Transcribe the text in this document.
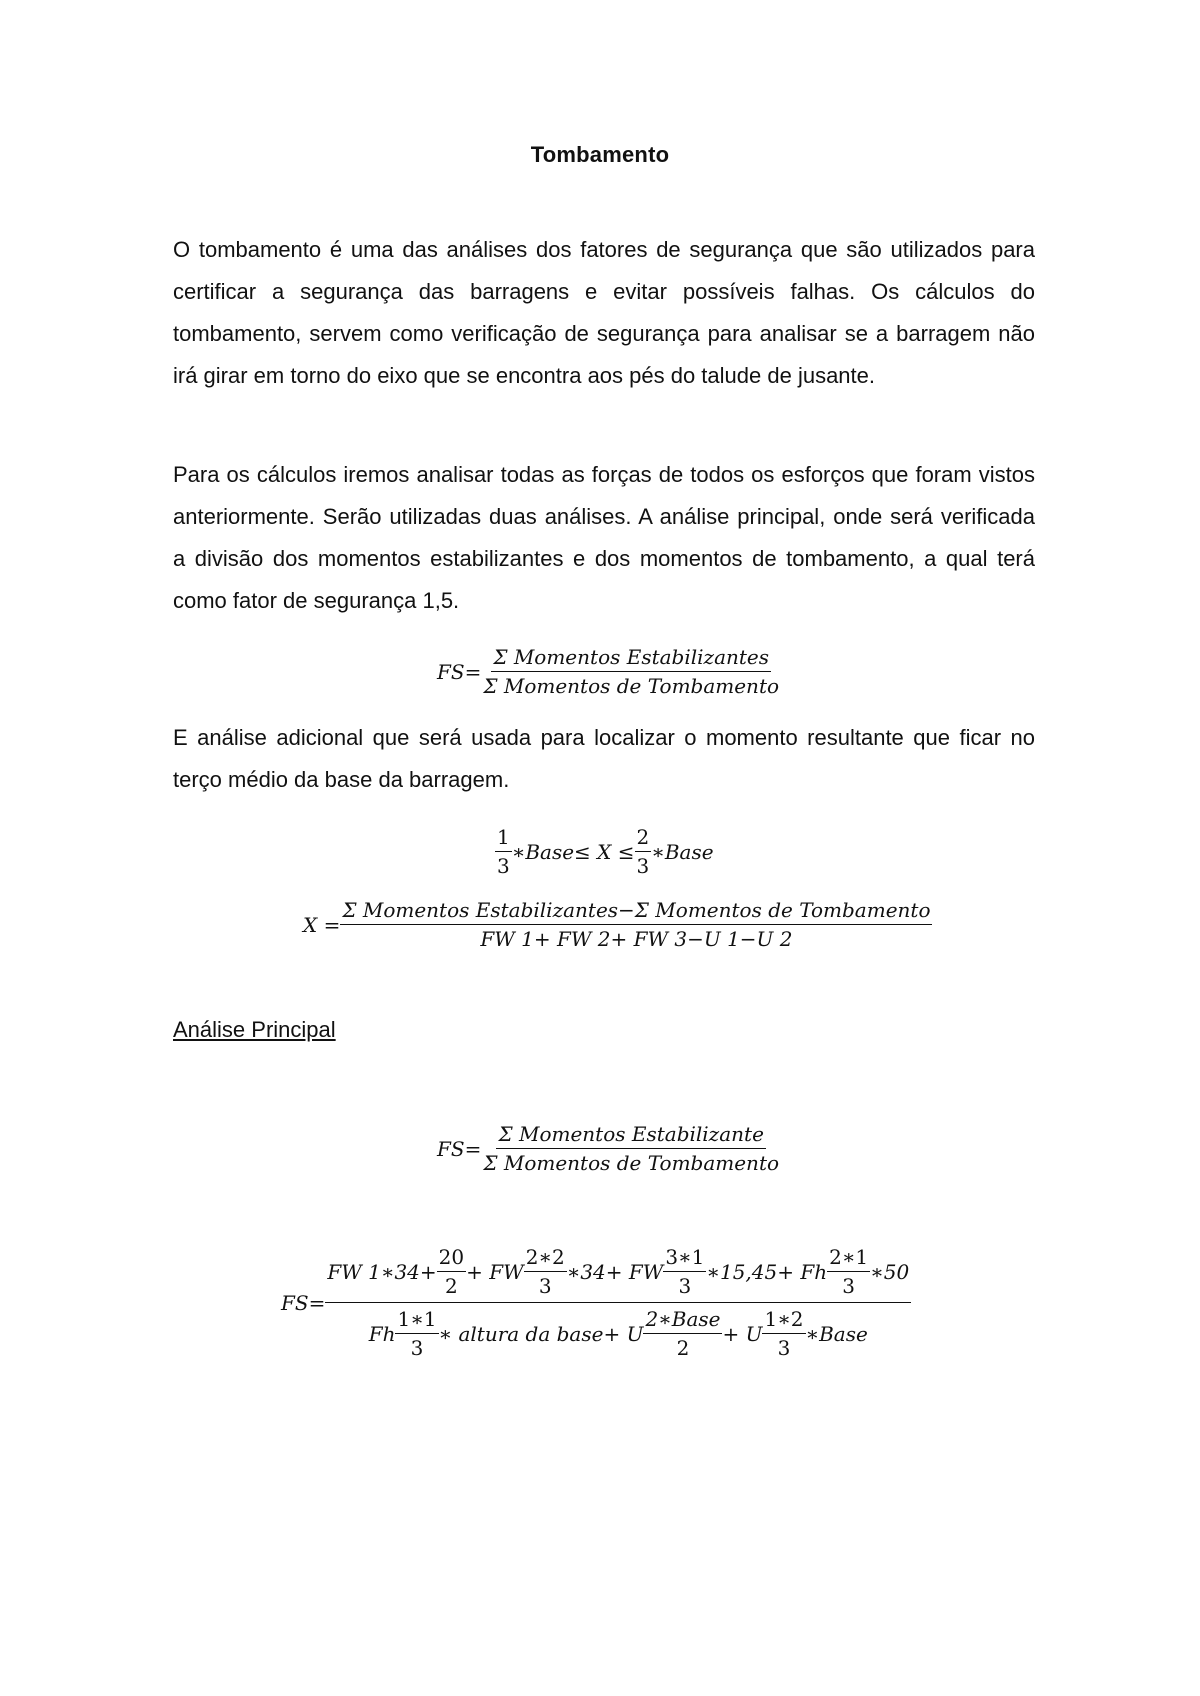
Tombamento

O tombamento é uma das análises dos fatores de segurança que são utilizados para certificar a segurança das barragens e evitar possíveis falhas. Os cálculos do tombamento, servem como verificação de segurança para analisar se a barragem não irá girar em torno do eixo que se encontra aos pés do talude de jusante.

Para os cálculos iremos analisar todas as forças de todos os esforços que foram vistos anteriormente. Serão utilizadas duas análises. A análise principal, onde será verificada a divisão dos momentos estabilizantes e dos momentos de tombamento, a qual terá como fator de segurança 1,5.

$FS= \frac{\text{Σ Momentos Estabilizantes}}{\text{Σ Momentos de Tombamento}}$

E análise adicional que será usada para localizar o momento resultante que ficar no terço médio da base da barragem.

$\frac{1}{3}$ ∗Base≤ $X \le \frac{2}{3}$ ∗Base
$X = \frac{\text{Σ Momentos Estabilizantes−Σ Momentos de Tombamento}}{FW 1+ FW 2+ FW 3-U 1-U 2}$
Análise Principal
$FS= \frac{\text{Σ Momentos Estabilizante}}{\text{Σ Momentos de Tombamento}}$
FS=
FW 1∗34+ $\frac{20}{2}$ + FW $\frac{2∗2}{3}$ ∗34+ FW $\frac{3∗1}{3}$ ∗15,45+ Fh $\frac{2∗1}{3}$ ∗50
Fh $\frac{1∗1}{3}$ ∗ altura da base+ U $\frac{\text{2∗Base}}{2} + U \frac{1∗2}{3}$ ∗Base
